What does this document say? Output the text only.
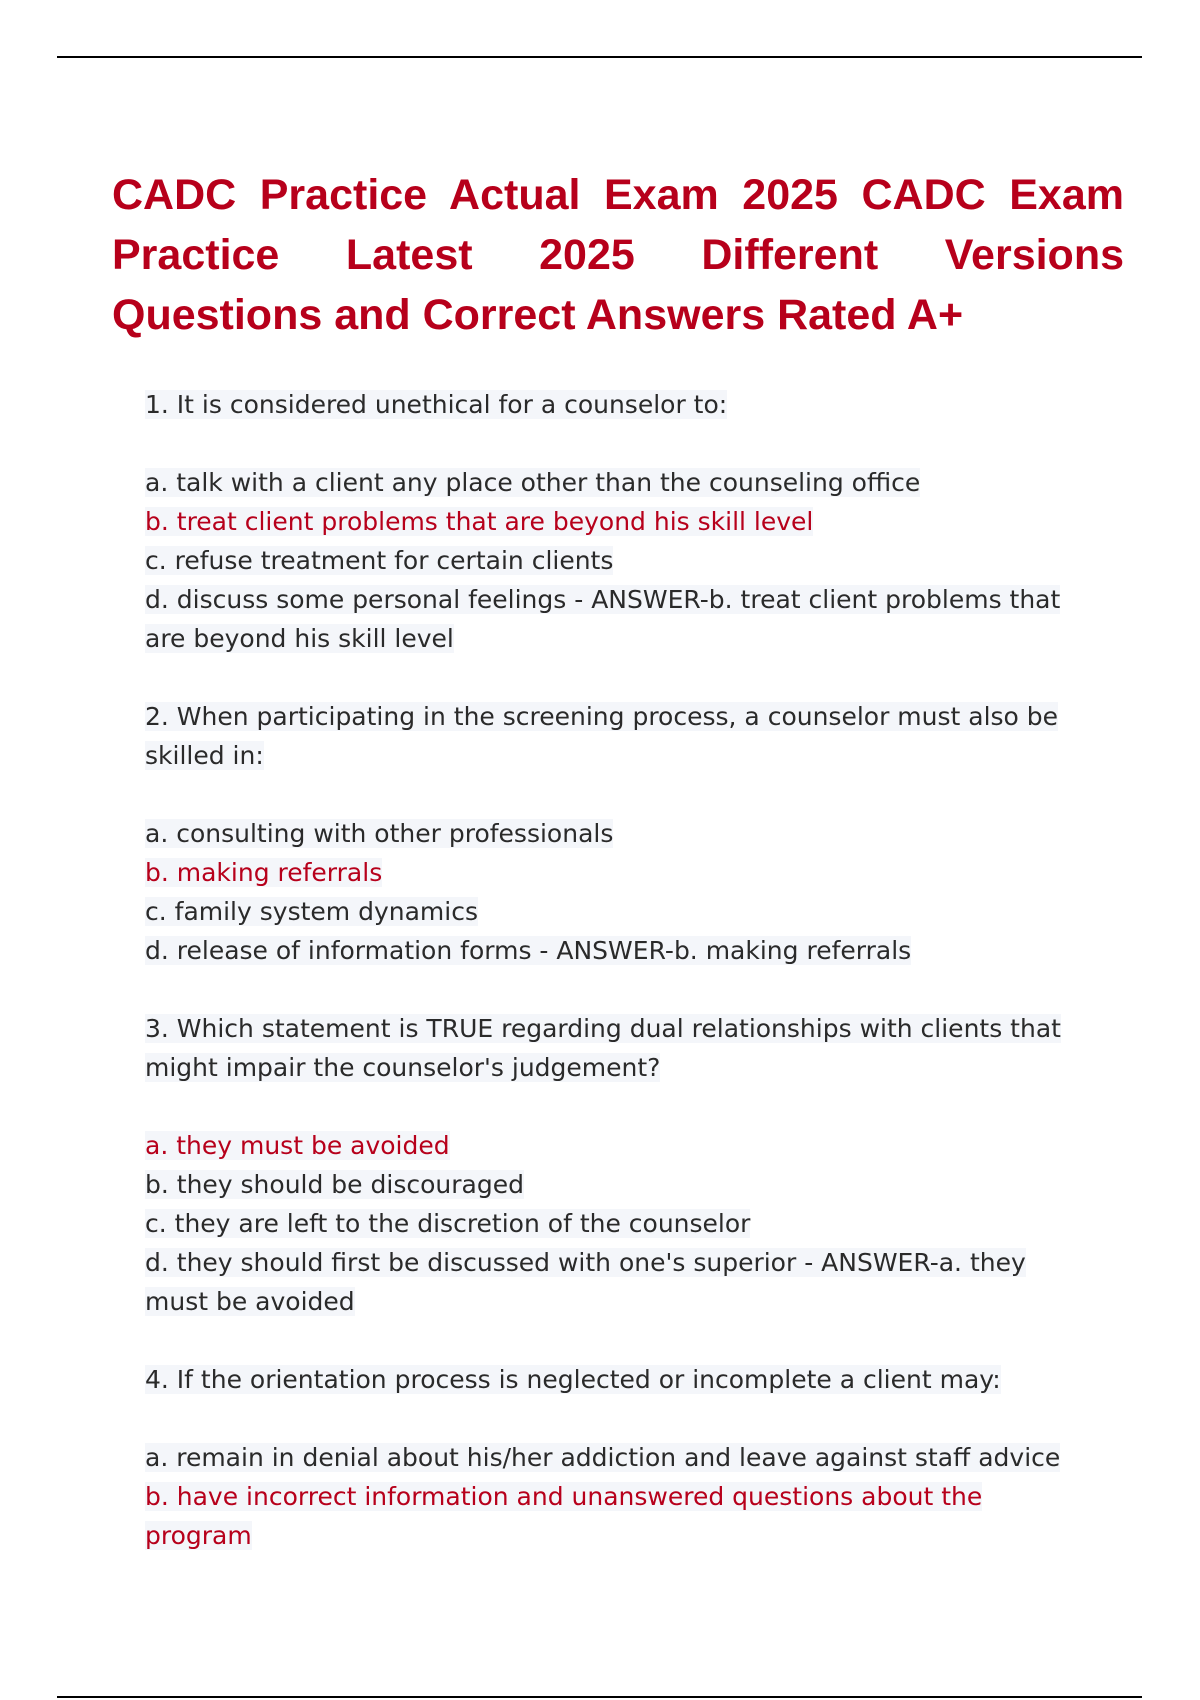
CADC Practice Actual Exam 2025 CADC Exam Practice Latest 2025 Different Versions Questions and Correct Answers Rated A+
1. It is considered unethical for a counselor to:
a. talk with a client any place other than the counseling office
b. treat client problems that are beyond his skill level
c. refuse treatment for certain clients
d. discuss some personal feelings - ANSWER-b. treat client problems that are beyond his skill level
2. When participating in the screening process, a counselor must also be skilled in:
a. consulting with other professionals
b. making referrals
c. family system dynamics
d. release of information forms - ANSWER-b. making referrals
3. Which statement is TRUE regarding dual relationships with clients that might impair the counselor's judgement?
a. they must be avoided
b. they should be discouraged
c. they are left to the discretion of the counselor
d. they should first be discussed with one's superior - ANSWER-a. they must be avoided
4. If the orientation process is neglected or incomplete a client may:
a. remain in denial about his/her addiction and leave against staff advice
b. have incorrect information and unanswered questions about the program
